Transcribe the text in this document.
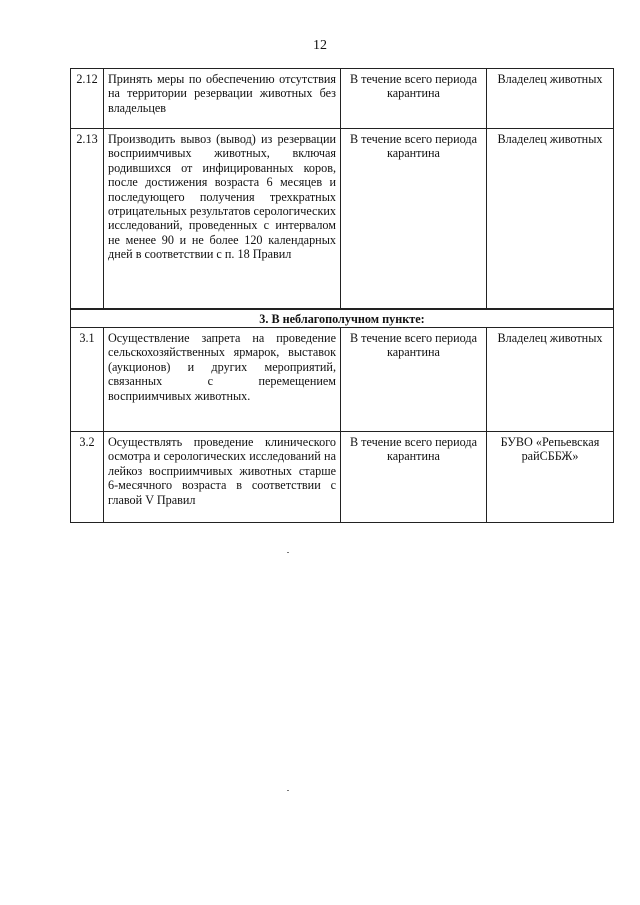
12
2.12	Принять меры по обеспечению отсутствия на территории резервации животных без владельцев	В течение всего периода карантина	Владелец животных
2.13	Производить вывоз (вывод) из резервации восприимчивых животных, включая родившихся от инфицированных коров, после достижения возраста 6 месяцев и последующего получения трехкратных отрицательных результатов серологических исследований, проведенных с интервалом не менее 90 и не более 120 календарных дней в соответствии с п. 18 Правил	В течение всего периода карантина	Владелец животных
3. В неблагополучном пункте:			
3.1	Осуществление запрета на проведение сельскохозяйственных ярмарок, выставок (аукционов) и других мероприятий, связанных с перемещением восприимчивых животных.	В течение всего периода карантина	Владелец животных
3.2	Осуществлять проведение клинического осмотра и серологических исследований на лейкоз восприимчивых животных старше 6-месячного возраста в соответствии с главой V Правил	В течение всего периода карантина	БУВО «Репьевская райСББЖ»
